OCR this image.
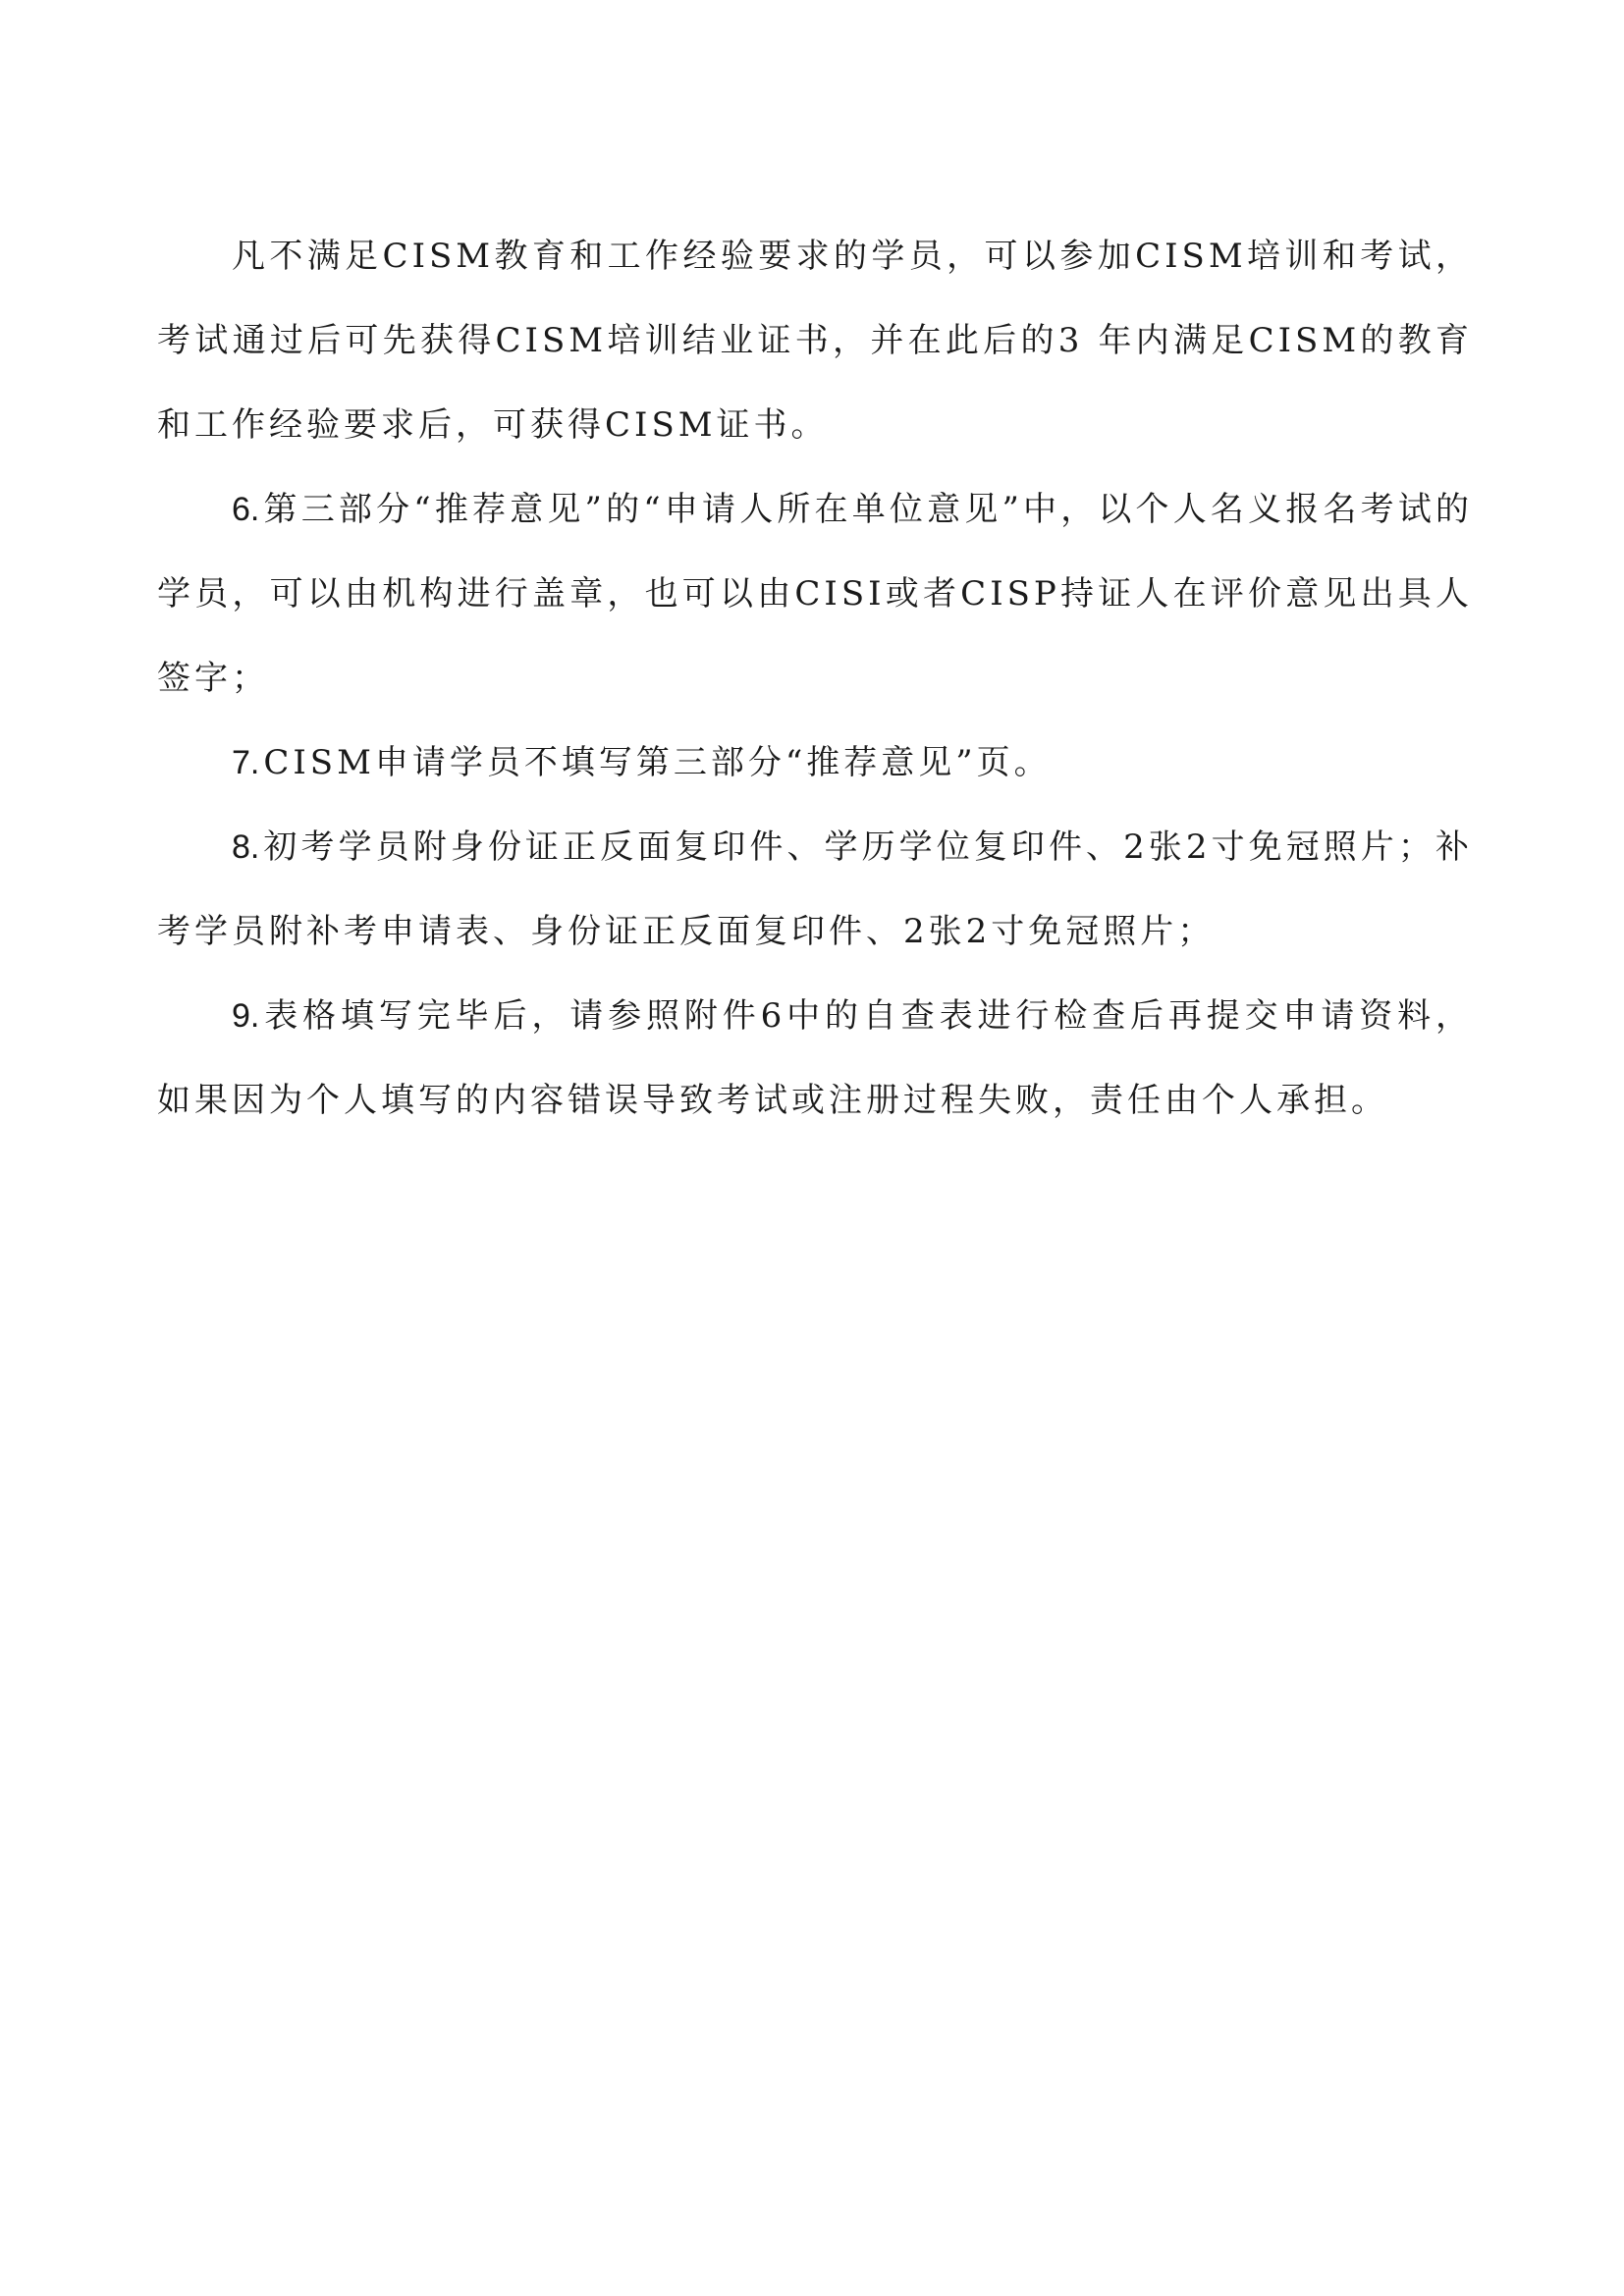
凡不满足CISM教育和工作经验要求的学员，可以参加CISM培训和考试，考试通过后可先获得CISM培训结业证书，并在此后的3 年内满足CISM的教育和工作经验要求后，可获得CISM证书。

6. 第三部分“推荐意见”的“申请人所在单位意见”中，以个人名义报名考试的学员，可以由机构进行盖章，也可以由CISI或者CISP持证人在评价意见出具人签字；

7. CISM申请学员不填写第三部分“推荐意见”页。

8. 初考学员附身份证正反面复印件、学历学位复印件、2张2寸免冠照片；补考学员附补考申请表、身份证正反面复印件、2张2寸免冠照片；

9. 表格填写完毕后，请参照附件6中的自查表进行检查后再提交申请资料，如果因为个人填写的内容错误导致考试或注册过程失败，责任由个人承担。
